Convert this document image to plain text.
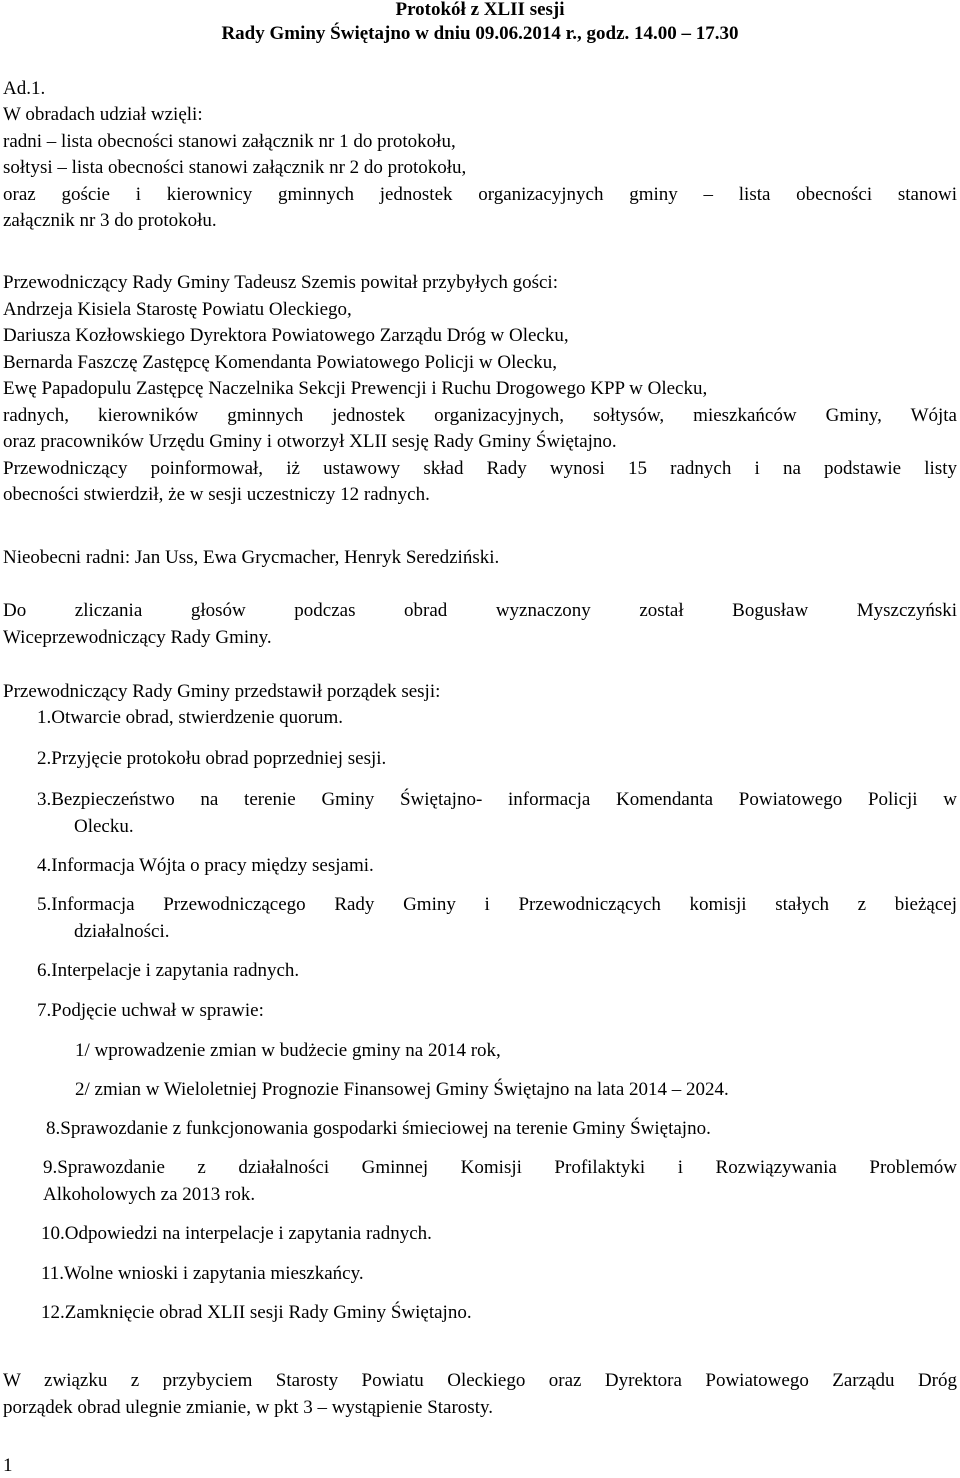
Protokół z XLII sesji
Rady Gminy Świętajno w dniu 09.06.2014 r., godz. 14.00 – 17.30
Ad.1.
W obradach udział wzięli:
radni – lista obecności stanowi załącznik nr 1 do protokołu,
sołtysi – lista obecności stanowi załącznik nr 2 do protokołu,
oraz goście i kierownicy gminnych jednostek organizacyjnych gminy – lista obecności stanowi
załącznik nr 3 do protokołu.
Przewodniczący Rady Gminy Tadeusz Szemis powitał przybyłych gości:
Andrzeja Kisiela Starostę Powiatu Oleckiego,
Dariusza Kozłowskiego Dyrektora Powiatowego Zarządu Dróg w Olecku,
Bernarda Faszczę Zastępcę Komendanta Powiatowego Policji w Olecku,
Ewę Papadopulu Zastępcę Naczelnika Sekcji Prewencji i Ruchu Drogowego KPP w Olecku,
radnych, kierowników gminnych jednostek organizacyjnych, sołtysów, mieszkańców Gminy, Wójta
oraz pracowników Urzędu Gminy i otworzył XLII sesję Rady Gminy Świętajno.
Przewodniczący poinformował, iż ustawowy skład Rady wynosi 15 radnych i na podstawie listy
obecności stwierdził, że w sesji uczestniczy 12 radnych.
Nieobecni radni: Jan Uss, Ewa Grycmacher, Henryk Seredziński.
Do zliczania głosów podczas obrad wyznaczony został Bogusław Myszczyński
Wiceprzewodniczący Rady Gminy.
Przewodniczący Rady Gminy przedstawił porządek sesji:
1.Otwarcie obrad, stwierdzenie quorum.
2.Przyjęcie protokołu obrad poprzedniej sesji.
3.Bezpieczeństwo na terenie Gminy Świętajno- informacja Komendanta Powiatowego Policji w
Olecku.
4.Informacja Wójta o pracy między sesjami.
5.Informacja Przewodniczącego Rady Gminy i Przewodniczących komisji stałych z bieżącej
działalności.
6.Interpelacje i zapytania radnych.
7.Podjęcie uchwał w sprawie:
1/ wprowadzenie zmian w budżecie gminy na 2014 rok,
2/ zmian w Wieloletniej Prognozie Finansowej Gminy Świętajno na lata 2014 – 2024.
8.Sprawozdanie z funkcjonowania gospodarki śmieciowej na terenie Gminy Świętajno.
9.Sprawozdanie z działalności Gminnej Komisji Profilaktyki i Rozwiązywania Problemów
Alkoholowych za 2013 rok.
10.Odpowiedzi na interpelacje i zapytania radnych.
11.Wolne wnioski i zapytania mieszkańcy.
12.Zamknięcie obrad XLII sesji Rady Gminy Świętajno.
W związku z przybyciem Starosty Powiatu Oleckiego oraz Dyrektora Powiatowego Zarządu Dróg
porządek obrad ulegnie zmianie, w pkt 3 – wystąpienie Starosty.
1
